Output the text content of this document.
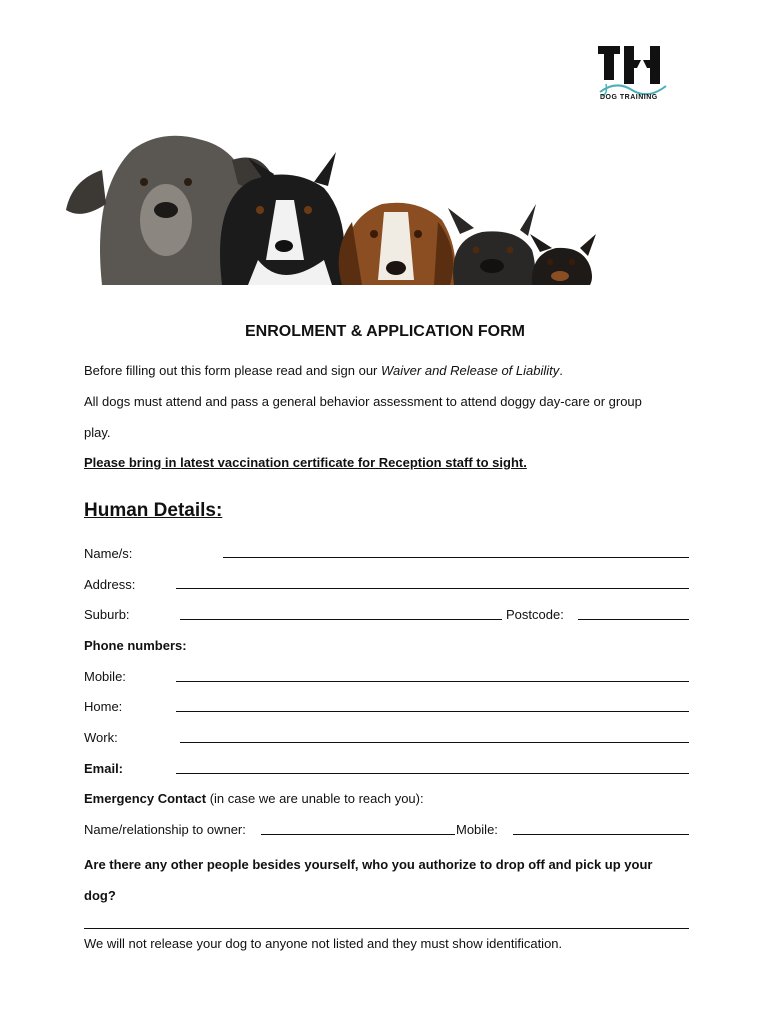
DOG TRAINING
ENROLMENT & APPLICATION FORM
Before filling out this form please read and sign our Waiver and Release of Liability.
All dogs must attend and pass a general behavior assessment to attend doggy day-care or group
play.
Please bring in latest vaccination certificate for Reception staff to sight.
Human Details:
Name/s:
Address:
Suburb:	Postcode:
Phone numbers:
Mobile:
Home:
Work:
Email:
Emergency Contact (in case we are unable to reach you):
Name/relationship to owner:	Mobile:
Are there any other people besides yourself, who you authorize to drop off and pick up your
dog?
We will not release your dog to anyone not listed and they must show identification.
